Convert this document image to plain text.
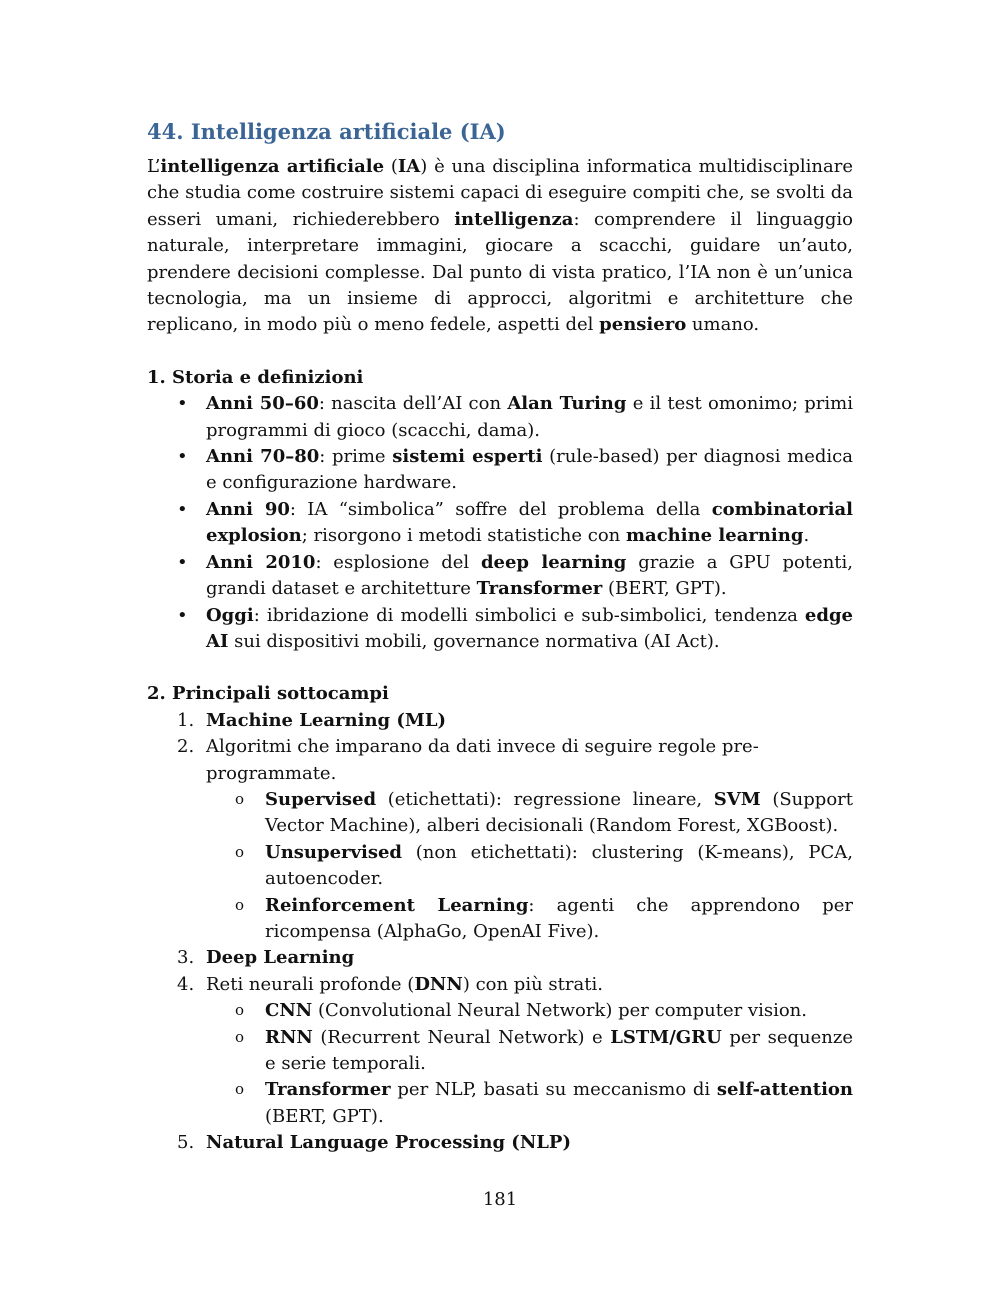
44. Intelligenza artificiale (IA)

L’intelligenza artificiale (IA) è una disciplina informatica multidisciplinare che studia come costruire sistemi capaci di eseguire compiti che, se svolti da esseri umani, richiederebbero intelligenza: comprendere il linguaggio naturale, interpretare immagini, giocare a scacchi, guidare un’auto, prendere decisioni complesse. Dal punto di vista pratico, l’IA non è un’unica tecnologia, ma un insieme di approcci, algoritmi e architetture che replicano, in modo più o meno fedele, aspetti del pensiero umano.

1. Storia e definizioni
• Anni 50–60: nascita dell’AI con Alan Turing e il test omonimo; primi programmi di gioco (scacchi, dama).
• Anni 70–80: prime sistemi esperti (rule-based) per diagnosi medica e configurazione hardware.
• Anni 90: IA “simbolica” soffre del problema della combinatorial explosion; risorgono i metodi statistiche con machine learning.
• Anni 2010: esplosione del deep learning grazie a GPU potenti, grandi dataset e architetture Transformer (BERT, GPT).
• Oggi: ibridazione di modelli simbolici e sub-simbolici, tendenza edge AI sui dispositivi mobili, governance normativa (AI Act).
2. Principali sottocampi
1. Machine Learning (ML)
2. Algoritmi che imparano da dati invece di seguire regole pre-programmate.
o Supervised (etichettati): regressione lineare, SVM (Support Vector Machine), alberi decisionali (Random Forest, XGBoost).
o Unsupervised (non etichettati): clustering (K-means), PCA, autoencoder.
o Reinforcement Learning: agenti che apprendono per ricompensa (AlphaGo, OpenAI Five).
3. Deep Learning
4. Reti neurali profonde (DNN) con più strati.
o CNN (Convolutional Neural Network) per computer vision.
o RNN (Recurrent Neural Network) e LSTM/GRU per sequenze e serie temporali.
o Transformer per NLP, basati su meccanismo di self-attention (BERT, GPT).
5. Natural Language Processing (NLP)
181
